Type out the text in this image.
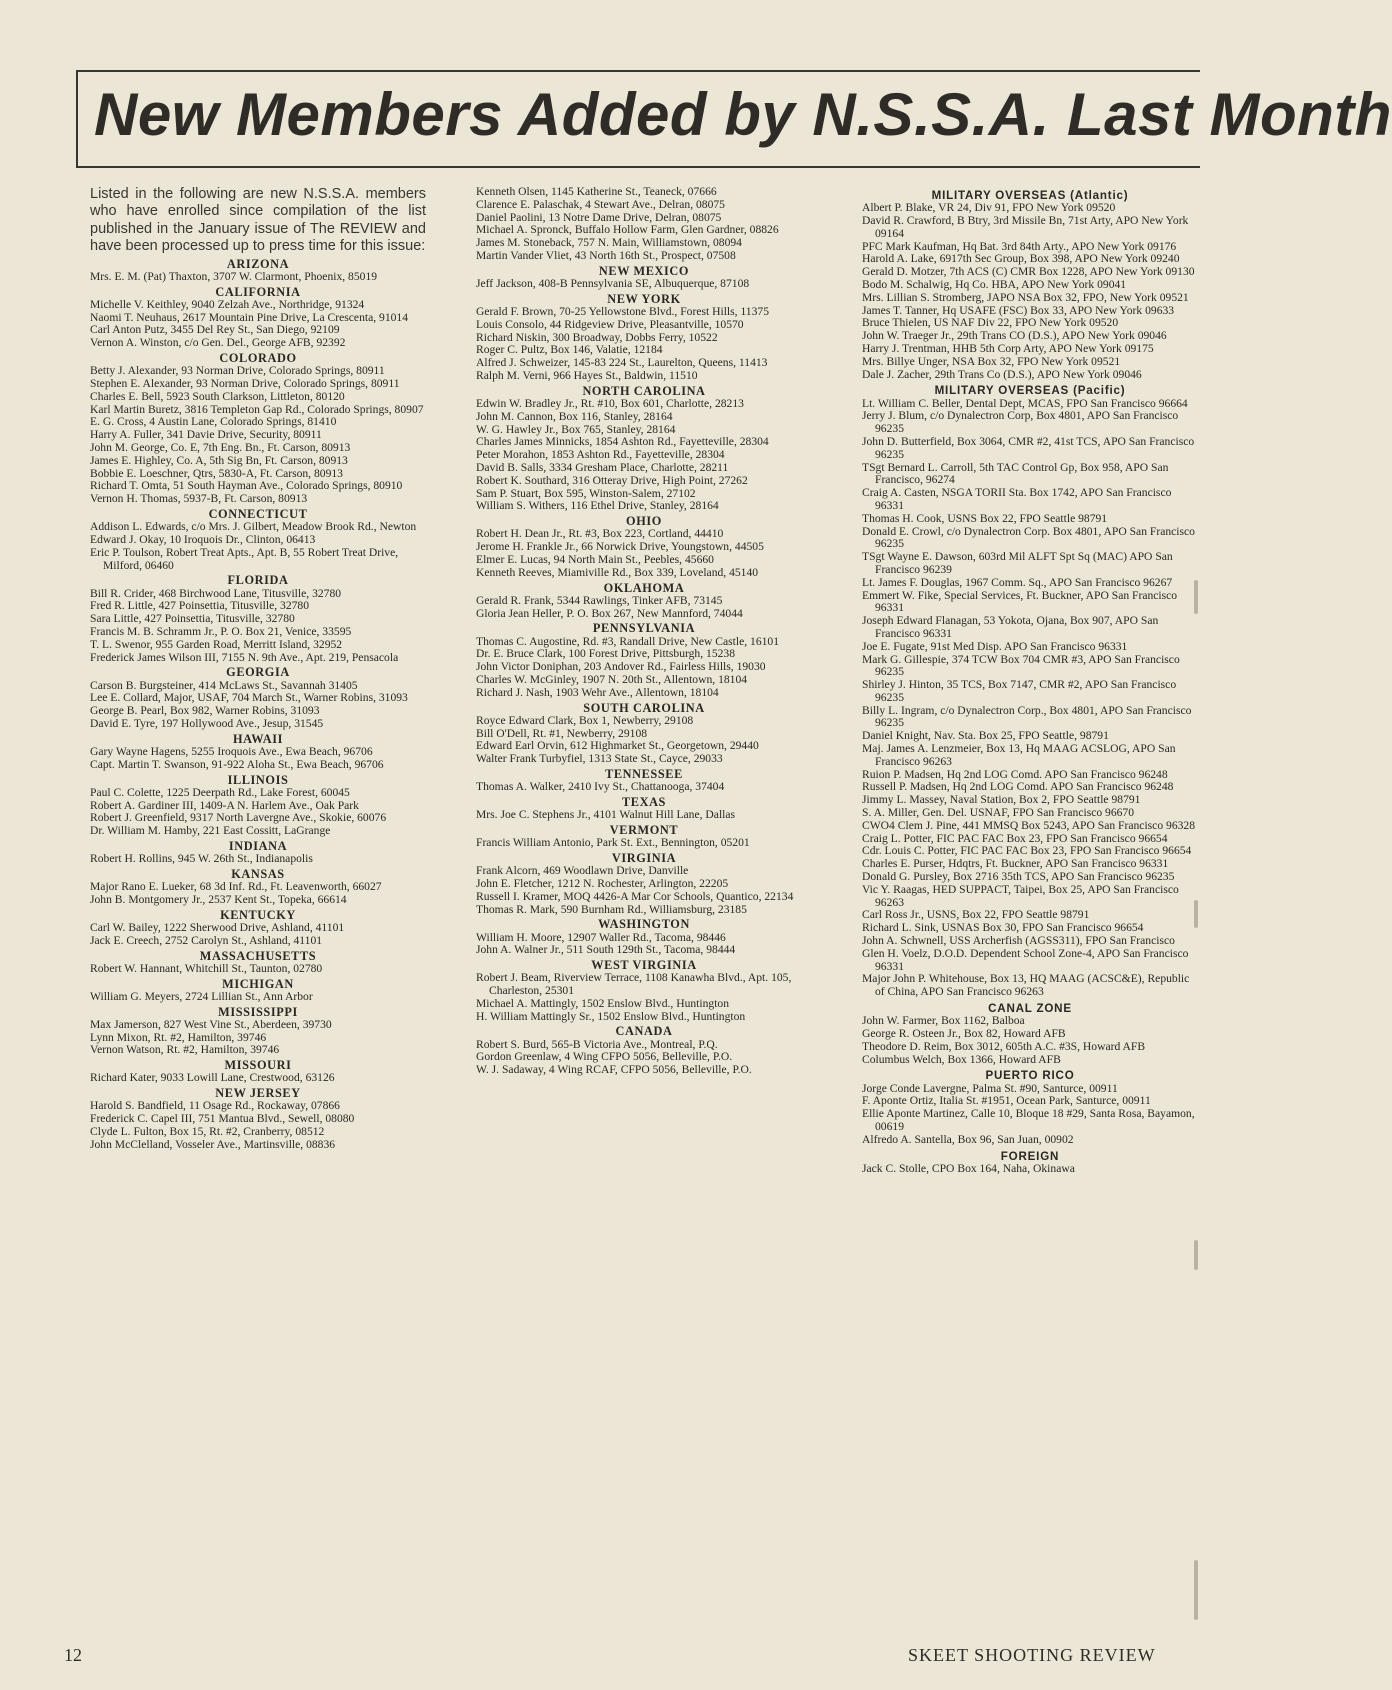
New Members Added by N.S.S.A. Last Month

Listed in the following are new N.S.S.A. members who have enrolled since compilation of the list published in the January issue of The REVIEW and have been processed up to press time for this issue:

ARIZONA
Mrs. E. M. (Pat) Thaxton, 3707 W. Clarmont, Phoenix, 85019
CALIFORNIA
Michelle V. Keithley, 9040 Zelzah Ave., Northridge, 91324
Naomi T. Neuhaus, 2617 Mountain Pine Drive, La Crescenta, 91014
Carl Anton Putz, 3455 Del Rey St., San Diego, 92109
Vernon A. Winston, c/o Gen. Del., George AFB, 92392
COLORADO
Betty J. Alexander, 93 Norman Drive, Colorado Springs, 80911
Stephen E. Alexander, 93 Norman Drive, Colorado Springs, 80911
Charles E. Bell, 5923 South Clarkson, Littleton, 80120
Karl Martin Buretz, 3816 Templeton Gap Rd., Colorado Springs, 80907
E. G. Cross, 4 Austin Lane, Colorado Springs, 81410
Harry A. Fuller, 341 Davie Drive, Security, 80911
John M. George, Co. E, 7th Eng. Bn., Ft. Carson, 80913
James E. Highley, Co. A, 5th Sig Bn, Ft. Carson, 80913
Bobbie E. Loeschner, Qtrs, 5830-A, Ft. Carson, 80913
Richard T. Omta, 51 South Hayman Ave., Colorado Springs, 80910
Vernon H. Thomas, 5937-B, Ft. Carson, 80913
CONNECTICUT
Addison L. Edwards, c/o Mrs. J. Gilbert, Meadow Brook Rd., Newton
Edward J. Okay, 10 Iroquois Dr., Clinton, 06413
Eric P. Toulson, Robert Treat Apts., Apt. B, 55 Robert Treat Drive, Milford, 06460
FLORIDA
Bill R. Crider, 468 Birchwood Lane, Titusville, 32780
Fred R. Little, 427 Poinsettia, Titusville, 32780
Sara Little, 427 Poinsettia, Titusville, 32780
Francis M. B. Schramm Jr., P. O. Box 21, Venice, 33595
T. L. Swenor, 955 Garden Road, Merritt Island, 32952
Frederick James Wilson III, 7155 N. 9th Ave., Apt. 219, Pensacola
GEORGIA
Carson B. Burgsteiner, 414 McLaws St., Savannah 31405
Lee E. Collard, Major, USAF, 704 March St., Warner Robins, 31093
George B. Pearl, Box 982, Warner Robins, 31093
David E. Tyre, 197 Hollywood Ave., Jesup, 31545
HAWAII
Gary Wayne Hagens, 5255 Iroquois Ave., Ewa Beach, 96706
Capt. Martin T. Swanson, 91-922 Aloha St., Ewa Beach, 96706
ILLINOIS
Paul C. Colette, 1225 Deerpath Rd., Lake Forest, 60045
Robert A. Gardiner III, 1409-A N. Harlem Ave., Oak Park
Robert J. Greenfield, 9317 North Lavergne Ave., Skokie, 60076
Dr. William M. Hamby, 221 East Cossitt, LaGrange
INDIANA
Robert H. Rollins, 945 W. 26th St., Indianapolis
KANSAS
Major Rano E. Lueker, 68 3d Inf. Rd., Ft. Leavenworth, 66027
John B. Montgomery Jr., 2537 Kent St., Topeka, 66614
KENTUCKY
Carl W. Bailey, 1222 Sherwood Drive, Ashland, 41101
Jack E. Creech, 2752 Carolyn St., Ashland, 41101
MASSACHUSETTS
Robert W. Hannant, Whitchill St., Taunton, 02780
MICHIGAN
William G. Meyers, 2724 Lillian St., Ann Arbor
MISSISSIPPI
Max Jamerson, 827 West Vine St., Aberdeen, 39730
Lynn Mixon, Rt. #2, Hamilton, 39746
Vernon Watson, Rt. #2, Hamilton, 39746
MISSOURI
Richard Kater, 9033 Lowill Lane, Crestwood, 63126
NEW JERSEY
Harold S. Bandfield, 11 Osage Rd., Rockaway, 07866
Frederick C. Capel III, 751 Mantua Blvd., Sewell, 08080
Clyde L. Fulton, Box 15, Rt. #2, Cranberry, 08512
John McClelland, Vosseler Ave., Martinsville, 08836
Kenneth Olsen, 1145 Katherine St., Teaneck, 07666
Clarence E. Palaschak, 4 Stewart Ave., Delran, 08075
Daniel Paolini, 13 Notre Dame Drive, Delran, 08075
Michael A. Spronck, Buffalo Hollow Farm, Glen Gardner, 08826
James M. Stoneback, 757 N. Main, Williamstown, 08094
Martin Vander Vliet, 43 North 16th St., Prospect, 07508
NEW MEXICO
Jeff Jackson, 408-B Pennsylvania SE, Albuquerque, 87108
NEW YORK
Gerald F. Brown, 70-25 Yellowstone Blvd., Forest Hills, 11375
Louis Consolo, 44 Ridgeview Drive, Pleasantville, 10570
Richard Niskin, 300 Broadway, Dobbs Ferry, 10522
Roger C. Pultz, Box 146, Valatie, 12184
Alfred J. Schweizer, 145-83 224 St., Laurelton, Queens, 11413
Ralph M. Verni, 966 Hayes St., Baldwin, 11510
NORTH CAROLINA
Edwin W. Bradley Jr., Rt. #10, Box 601, Charlotte, 28213
John M. Cannon, Box 116, Stanley, 28164
W. G. Hawley Jr., Box 765, Stanley, 28164
Charles James Minnicks, 1854 Ashton Rd., Fayetteville, 28304
Peter Morahon, 1853 Ashton Rd., Fayetteville, 28304
David B. Salls, 3334 Gresham Place, Charlotte, 28211
Robert K. Southard, 316 Otteray Drive, High Point, 27262
Sam P. Stuart, Box 595, Winston-Salem, 27102
William S. Withers, 116 Ethel Drive, Stanley, 28164
OHIO
Robert H. Dean Jr., Rt. #3, Box 223, Cortland, 44410
Jerome H. Frankle Jr., 66 Norwick Drive, Youngstown, 44505
Elmer E. Lucas, 94 North Main St., Peebles, 45660
Kenneth Reeves, Miamiville Rd., Box 339, Loveland, 45140
OKLAHOMA
Gerald R. Frank, 5344 Rawlings, Tinker AFB, 73145
Gloria Jean Heller, P. O. Box 267, New Mannford, 74044
PENNSYLVANIA
Thomas C. Augostine, Rd. #3, Randall Drive, New Castle, 16101
Dr. E. Bruce Clark, 100 Forest Drive, Pittsburgh, 15238
John Victor Doniphan, 203 Andover Rd., Fairless Hills, 19030
Charles W. McGinley, 1907 N. 20th St., Allentown, 18104
Richard J. Nash, 1903 Wehr Ave., Allentown, 18104
SOUTH CAROLINA
Royce Edward Clark, Box 1, Newberry, 29108
Bill O'Dell, Rt. #1, Newberry, 29108
Edward Earl Orvin, 612 Highmarket St., Georgetown, 29440
Walter Frank Turbyfiel, 1313 State St., Cayce, 29033
TENNESSEE
Thomas A. Walker, 2410 Ivy St., Chattanooga, 37404
TEXAS
Mrs. Joe C. Stephens Jr., 4101 Walnut Hill Lane, Dallas
VERMONT
Francis William Antonio, Park St. Ext., Bennington, 05201
VIRGINIA
Frank Alcorn, 469 Woodlawn Drive, Danville
John E. Fletcher, 1212 N. Rochester, Arlington, 22205
Russell I. Kramer, MOQ 4426-A Mar Cor Schools, Quantico, 22134
Thomas R. Mark, 590 Burnham Rd., Williamsburg, 23185
WASHINGTON
William H. Moore, 12907 Waller Rd., Tacoma, 98446
John A. Walner Jr., 511 South 129th St., Tacoma, 98444
WEST VIRGINIA
Robert J. Beam, Riverview Terrace, 1108 Kanawha Blvd., Apt. 105, Charleston, 25301
Michael A. Mattingly, 1502 Enslow Blvd., Huntington
H. William Mattingly Sr., 1502 Enslow Blvd., Huntington
CANADA
Robert S. Burd, 565-B Victoria Ave., Montreal, P.Q.
Gordon Greenlaw, 4 Wing CFPO 5056, Belleville, P.O.
W. J. Sadaway, 4 Wing RCAF, CFPO 5056, Belleville, P.O.
MILITARY OVERSEAS (Atlantic)
Albert P. Blake, VR 24, Div 91, FPO New York 09520
David R. Crawford, B Btry, 3rd Missile Bn, 71st Arty, APO New York 09164
PFC Mark Kaufman, Hq Bat. 3rd 84th Arty., APO New York 09176
Harold A. Lake, 6917th Sec Group, Box 398, APO New York 09240
Gerald D. Motzer, 7th ACS (C) CMR Box 1228, APO New York 09130
Bodo M. Schalwig, Hq Co. HBA, APO New York 09041
Mrs. Lillian S. Stromberg, JAPO NSA Box 32, FPO, New York 09521
James T. Tanner, Hq USAFE (FSC) Box 33, APO New York 09633
Bruce Thielen, US NAF Div 22, FPO New York 09520
John W. Traeger Jr., 29th Trans CO (D.S.), APO New York 09046
Harry J. Trentman, HHB 5th Corp Arty, APO New York 09175
Mrs. Billye Unger, NSA Box 32, FPO New York 09521
Dale J. Zacher, 29th Trans Co (D.S.), APO New York 09046
MILITARY OVERSEAS (Pacific)
Lt. William C. Beller, Dental Dept, MCAS, FPO San Francisco 96664
Jerry J. Blum, c/o Dynalectron Corp, Box 4801, APO San Francisco 96235
John D. Butterfield, Box 3064, CMR #2, 41st TCS, APO San Francisco 96235
TSgt Bernard L. Carroll, 5th TAC Control Gp, Box 958, APO San Francisco, 96274
Craig A. Casten, NSGA TORII Sta. Box 1742, APO San Francisco 96331
Thomas H. Cook, USNS Box 22, FPO Seattle 98791
Donald E. Crowl, c/o Dynalectron Corp. Box 4801, APO San Francisco 96235
TSgt Wayne E. Dawson, 603rd Mil ALFT Spt Sq (MAC) APO San Francisco 96239
Lt. James F. Douglas, 1967 Comm. Sq., APO San Francisco 96267
Emmert W. Fike, Special Services, Ft. Buckner, APO San Francisco 96331
Joseph Edward Flanagan, 53 Yokota, Ojana, Box 907, APO San Francisco 96331
Joe E. Fugate, 91st Med Disp. APO San Francisco 96331
Mark G. Gillespie, 374 TCW Box 704 CMR #3, APO San Francisco 96235
Shirley J. Hinton, 35 TCS, Box 7147, CMR #2, APO San Francisco 96235
Billy L. Ingram, c/o Dynalectron Corp., Box 4801, APO San Francisco 96235
Daniel Knight, Nav. Sta. Box 25, FPO Seattle, 98791
Maj. James A. Lenzmeier, Box 13, Hq MAAG ACSLOG, APO San Francisco 96263
Ruion P. Madsen, Hq 2nd LOG Comd. APO San Francisco 96248
Russell P. Madsen, Hq 2nd LOG Comd. APO San Francisco 96248
Jimmy L. Massey, Naval Station, Box 2, FPO Seattle 98791
S. A. Miller, Gen. Del. USNAF, FPO San Francisco 96670
CWO4 Clem J. Pine, 441 MMSQ Box 5243, APO San Francisco 96328
Craig L. Potter, FIC PAC FAC Box 23, FPO San Francisco 96654
Cdr. Louis C. Potter, FIC PAC FAC Box 23, FPO San Francisco 96654
Charles E. Purser, Hdqtrs, Ft. Buckner, APO San Francisco 96331
Donald G. Pursley, Box 2716 35th TCS, APO San Francisco 96235
Vic Y. Raagas, HED SUPPACT, Taipei, Box 25, APO San Francisco 96263
Carl Ross Jr., USNS, Box 22, FPO Seattle 98791
Richard L. Sink, USNAS Box 30, FPO San Francisco 96654
John A. Schwnell, USS Archerfish (AGSS311), FPO San Francisco
Glen H. Voelz, D.O.D. Dependent School Zone-4, APO San Francisco 96331
Major John P. Whitehouse, Box 13, HQ MAAG (ACSC&E), Republic of China, APO San Francisco 96263
CANAL ZONE
John W. Farmer, Box 1162, Balboa
George R. Osteen Jr., Box 82, Howard AFB
Theodore D. Reim, Box 3012, 605th A.C. #3S, Howard AFB
Columbus Welch, Box 1366, Howard AFB
PUERTO RICO
Jorge Conde Lavergne, Palma St. #90, Santurce, 00911
F. Aponte Ortiz, Italia St. #1951, Ocean Park, Santurce, 00911
Ellie Aponte Martinez, Calle 10, Bloque 18 #29, Santa Rosa, Bayamon, 00619
Alfredo A. Santella, Box 96, San Juan, 00902
FOREIGN
Jack C. Stolle, CPO Box 164, Naha, Okinawa
12	SKEET SHOOTING REVIEW
